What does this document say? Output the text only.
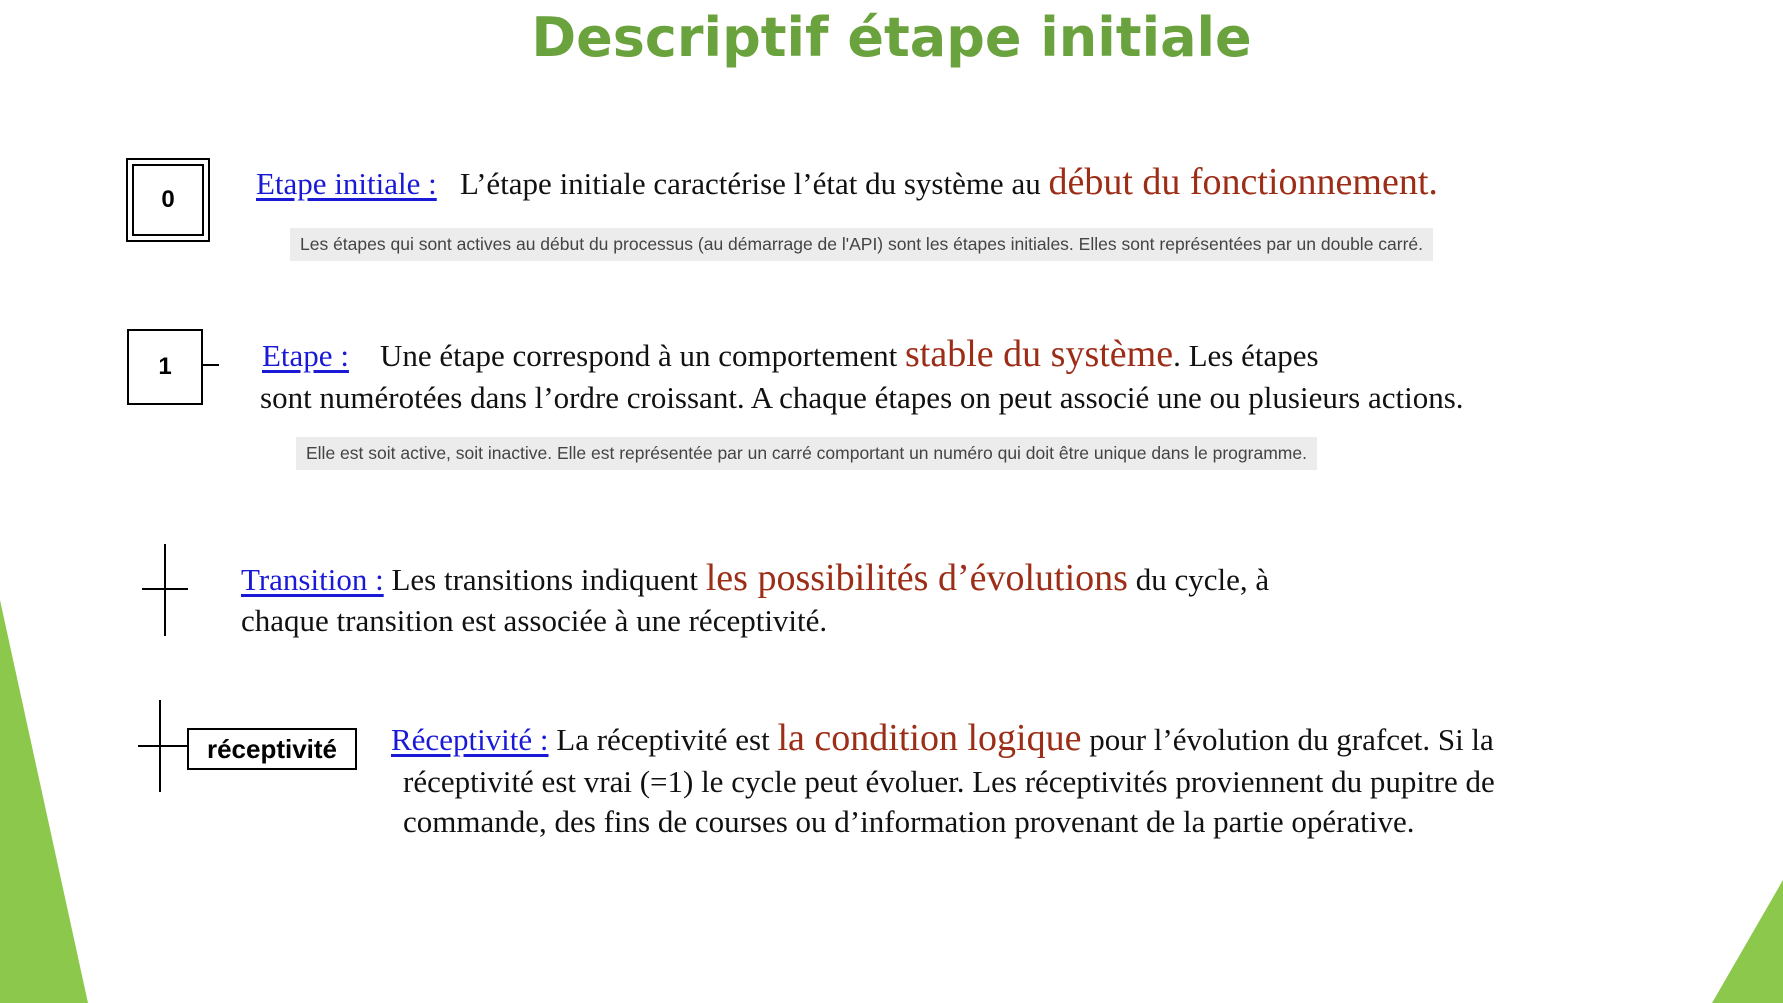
Descriptif étape initiale
0	Etape initiale : L’étape initiale caractérise l’état du système au début du fonctionnement.
Les étapes qui sont actives au début du processus (au démarrage de l'API) sont les étapes initiales. Elles sont représentées par un double carré.
1	Etape : Une étape correspond à un comportement stable du système. Les étapes
sont numérotées dans l’ordre croissant. A chaque étapes on peut associé une ou plusieurs actions.
Elle est soit active, soit inactive. Elle est représentée par un carré comportant un numéro qui doit être unique dans le programme.
Transition : Les transitions indiquent les possibilités d’évolutions du cycle, à
chaque transition est associée à une réceptivité.
réceptivité	Réceptivité : La réceptivité est la condition logique pour l’évolution du grafcet. Si la
réceptivité est vrai (=1) le cycle peut évoluer. Les réceptivités proviennent du pupitre de
commande, des fins de courses ou d’information provenant de la partie opérative.
